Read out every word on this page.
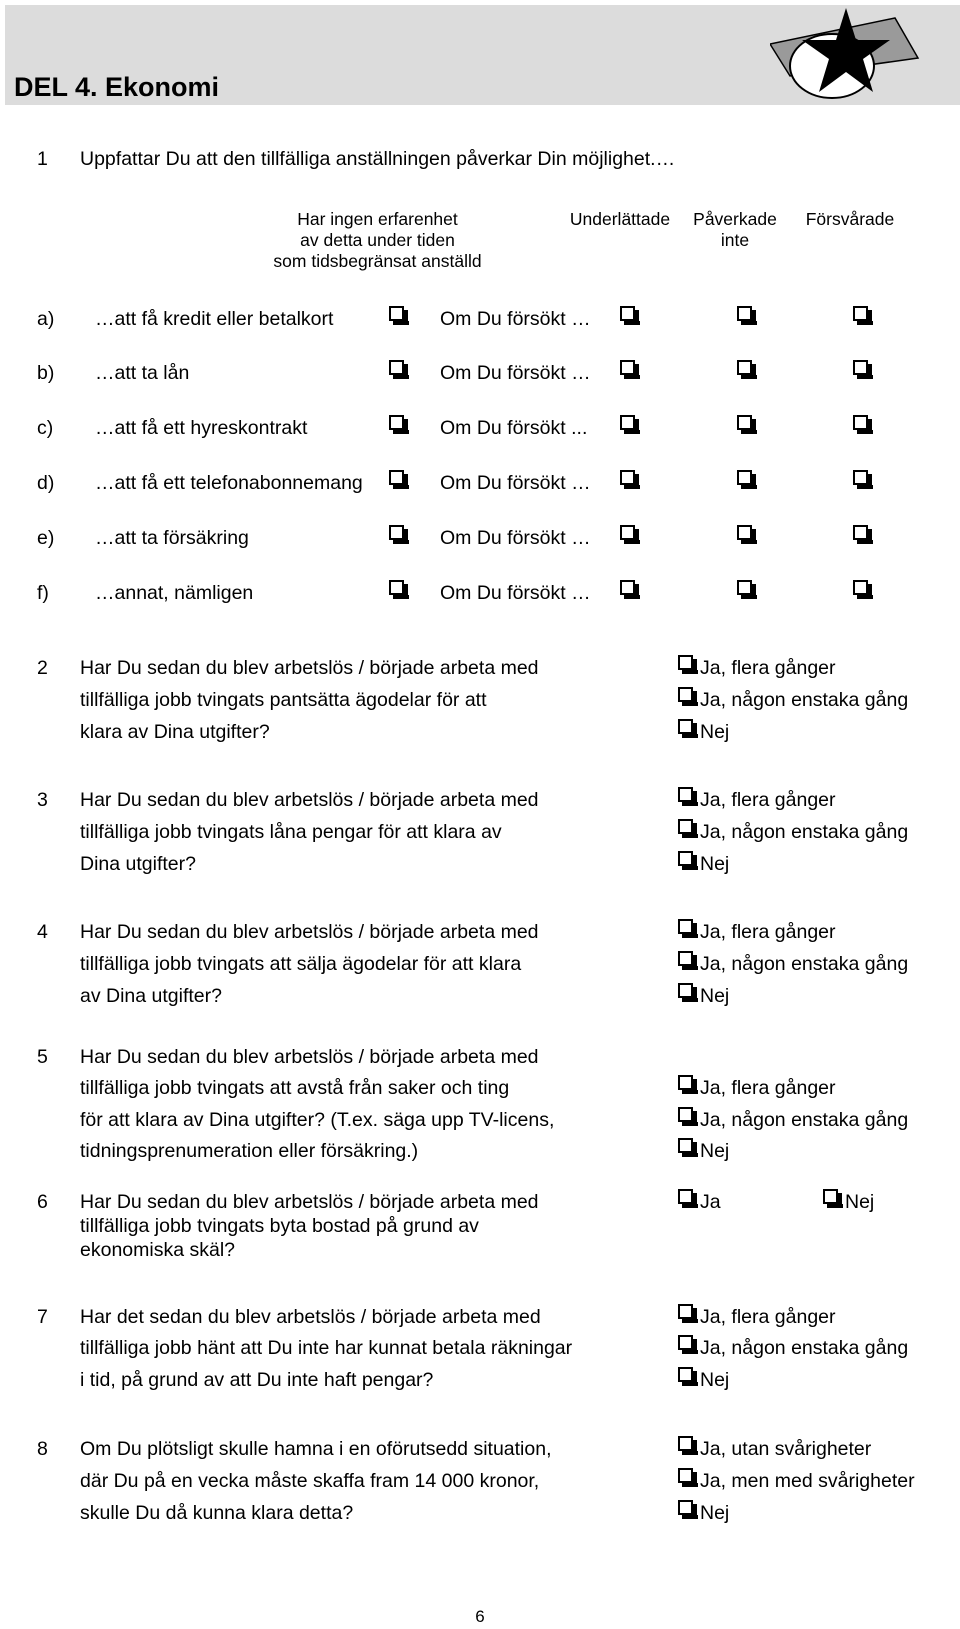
DEL 4. Ekonomi
1 Uppfattar Du att den tillfälliga anställningen påverkar Din möjlighet.…
Har ingen erfarenhet
av detta under tiden
som tidsbegränsat anställd
Underlättade	Påverkade
inte
Försvårade
a) …att få kredit eller betalkort	Om Du försökt …
b) …att ta lån	Om Du försökt …
c) …att få ett hyreskontrakt	Om Du försökt ...
d) …att få ett telefonabonnemang	Om Du försökt …
e) …att ta försäkring	Om Du försökt …
f) …annat, nämligen	Om Du försökt …
2 Har Du sedan du blev arbetslös / började arbeta med
tillfälliga jobb tvingats pantsätta ägodelar för att
klara av Dina utgifter?
Ja, flera gånger
Ja, någon enstaka gång
Nej
3 Har Du sedan du blev arbetslös / började arbeta med
tillfälliga jobb tvingats låna pengar för att klara av
Dina utgifter?
Ja, flera gånger
Ja, någon enstaka gång
Nej
4 Har Du sedan du blev arbetslös / började arbeta med
tillfälliga jobb tvingats att sälja ägodelar för att klara
av Dina utgifter?
Ja, flera gånger
Ja, någon enstaka gång
Nej
5 Har Du sedan du blev arbetslös / började arbeta med
tillfälliga jobb tvingats att avstå från saker och ting
för att klara av Dina utgifter? (T.ex. säga upp TV-licens,
tidningsprenumeration eller försäkring.)
Ja, flera gånger
Ja, någon enstaka gång
Nej
6 Har Du sedan du blev arbetslös / började arbeta med
tillfälliga jobb tvingats byta bostad på grund av
ekonomiska skäl?
Ja	Nej
7 Har det sedan du blev arbetslös / började arbeta med
tillfälliga jobb hänt att Du inte har kunnat betala räkningar
i tid, på grund av att Du inte haft pengar?
Ja, flera gånger
Ja, någon enstaka gång
Nej
8 Om Du plötsligt skulle hamna i en oförutsedd situation,
där Du på en vecka måste skaffa fram 14 000 kronor,
skulle Du då kunna klara detta?
Ja, utan svårigheter
Ja, men med svårigheter
Nej
6
